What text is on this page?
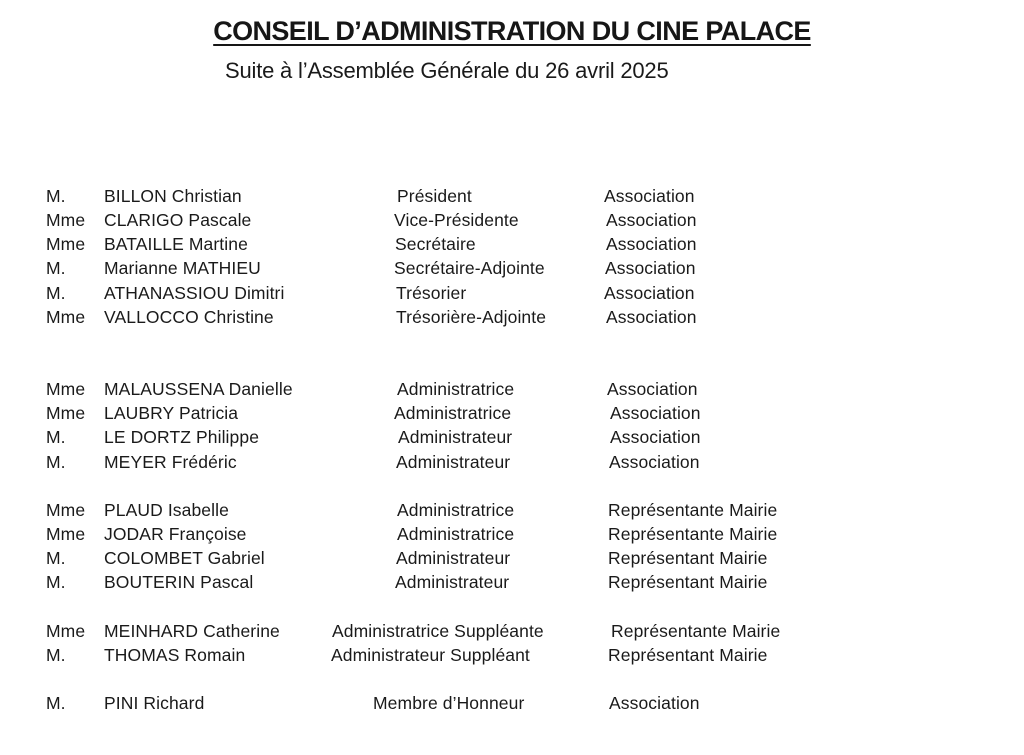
CONSEIL D’ADMINISTRATION DU CINE PALACE
Suite à l’Assemblée Générale du 26 avril 2025
M. BILLON Christian	Président	Association
Mme CLARIGO Pascale	Vice-Présidente	Association
Mme BATAILLE Martine	Secrétaire	Association
M. Marianne MATHIEU	Secrétaire-Adjointe	Association
M. ATHANASSIOU Dimitri	Trésorier	Association
Mme VALLOCCO Christine	Trésorière-Adjointe	Association
Mme MALAUSSENA Danielle	Administratrice	Association
Mme LAUBRY Patricia	Administratrice	Association
M. LE DORTZ Philippe	Administrateur	Association
M. MEYER Frédéric	Administrateur	Association
Mme PLAUD Isabelle	Administratrice	Représentante Mairie
Mme JODAR Françoise	Administratrice	Représentante Mairie
M. COLOMBET Gabriel	Administrateur	Représentant Mairie
M. BOUTERIN Pascal	Administrateur	Représentant Mairie
Mme MEINHARD Catherine	Administratrice Suppléante	Représentante Mairie
M. THOMAS Romain	Administrateur Suppléant	Représentant Mairie
M. PINI Richard	Membre d’Honneur	Association
